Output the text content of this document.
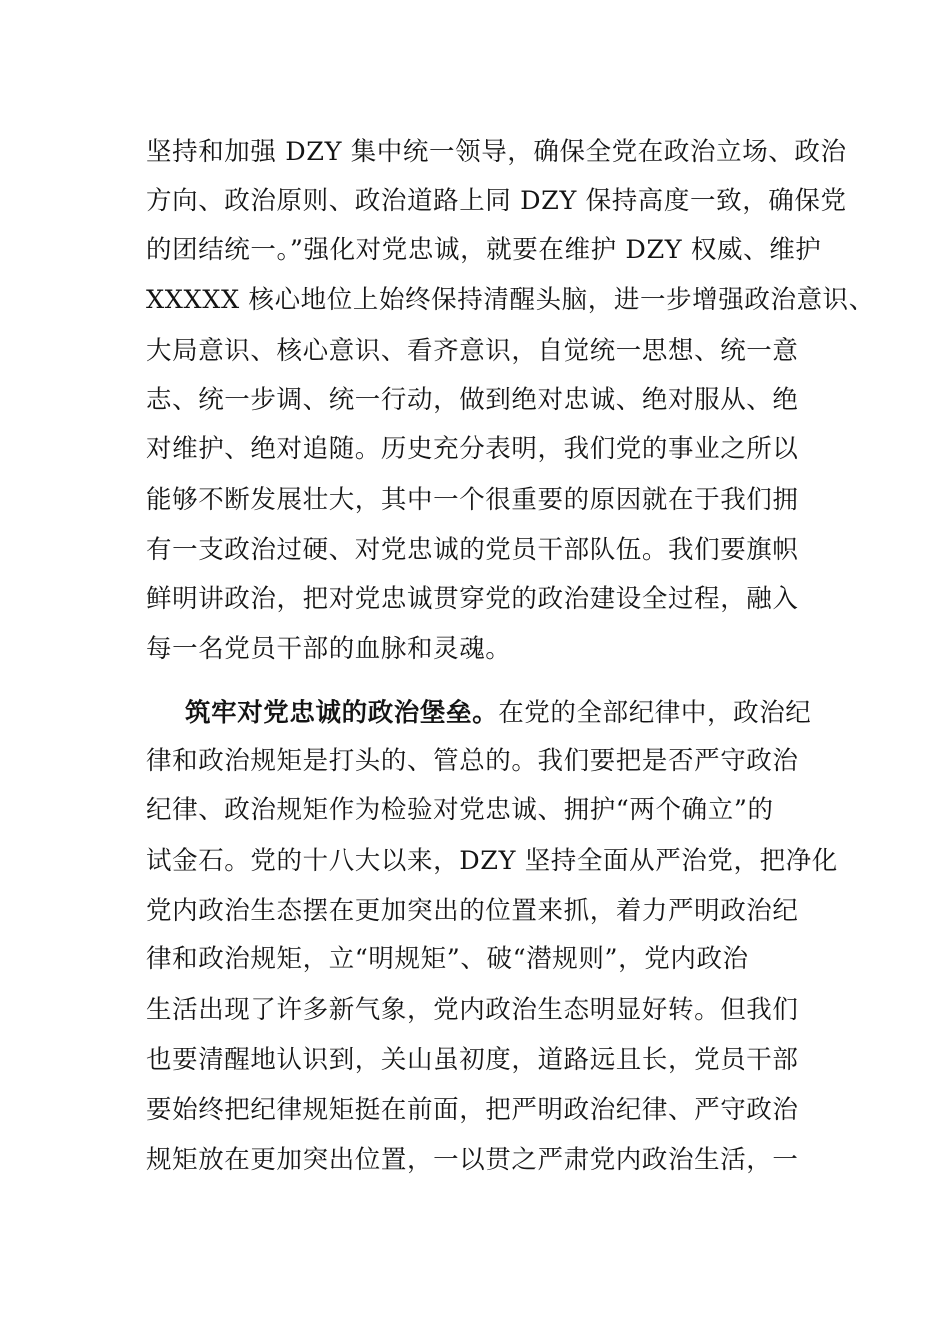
坚持和加强 DZY 集中统一领导，确保全党在政治立场、政治
方向、政治原则、政治道路上同 DZY 保持高度一致，确保党
的团结统一。”强化对党忠诚，就要在维护 DZY 权威、维护
XXXXX 核心地位上始终保持清醒头脑，进一步增强政治意识、
大局意识、核心意识、看齐意识，自觉统一思想、统一意
志、统一步调、统一行动，做到绝对忠诚、绝对服从、绝
对维护、绝对追随。历史充分表明，我们党的事业之所以
能够不断发展壮大，其中一个很重要的原因就在于我们拥
有一支政治过硬、对党忠诚的党员干部队伍。我们要旗帜
鲜明讲政治，把对党忠诚贯穿党的政治建设全过程，融入
每一名党员干部的血脉和灵魂。
筑牢对党忠诚的政治堡垒。在党的全部纪律中，政治纪
律和政治规矩是打头的、管总的。我们要把是否严守政治
纪律、政治规矩作为检验对党忠诚、拥护“两个确立”的
试金石。党的十八大以来，DZY 坚持全面从严治党，把净化
党内政治生态摆在更加突出的位置来抓，着力严明政治纪
律和政治规矩，立“明规矩”、破“潜规则”，党内政治
生活出现了许多新气象，党内政治生态明显好转。但我们
也要清醒地认识到，关山虽初度，道路远且长，党员干部
要始终把纪律规矩挺在前面，把严明政治纪律、严守政治
规矩放在更加突出位置，一以贯之严肃党内政治生活，一
